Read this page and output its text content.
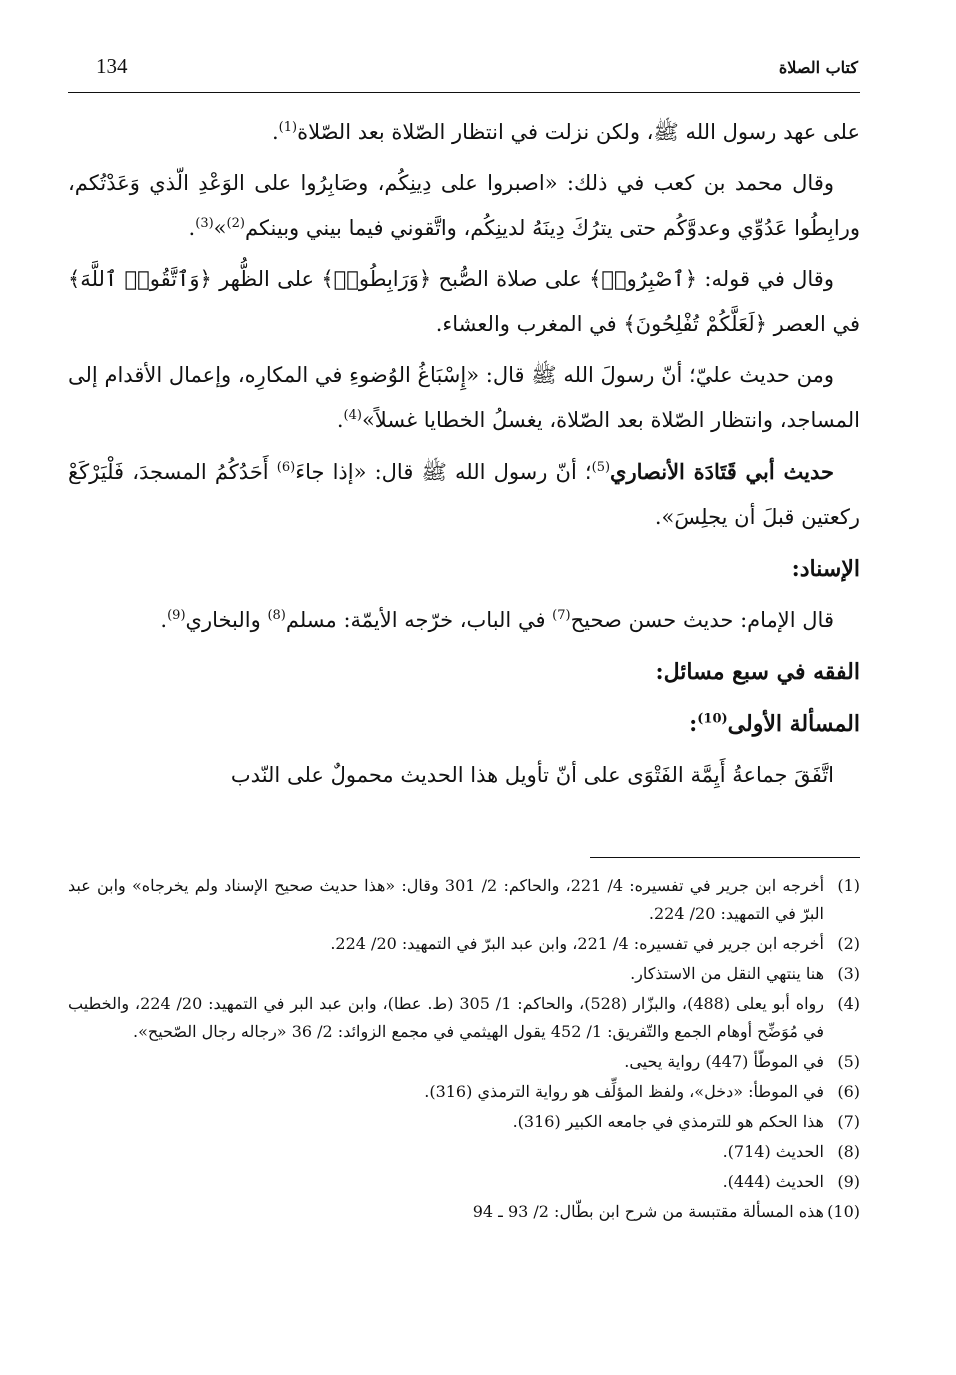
134	كتاب الصلاة

على عهد رسول الله ﷺ، ولكن نزلت في انتظار الصّلاة بعد الصّلاة$^{(1)}$.

وقال محمد بن كعب في ذلك: «اصبروا على دِينِكُم، وصَابِرُوا على الوَعْدِ الّذي وَعَدْتُكم، ورابِطُوا عَدُوِّي وعدوَّكُم حتى يترُكَ دِينَهُ لدينِكُم، واتَّقوني فيما بيني وبينكم$^{(2)}$»$^{(3)}$.

وقال في قوله: ﴿ٱصْبِرُوا۟﴾ على صلاة الصُّبح ﴿وَرَابِطُوا۟﴾ على الظُّهر ﴿وَٱتَّقُوا۟ ٱللَّهَ﴾ في العصر ﴿لَعَلَّكُمْ تُفْلِحُونَ﴾ في المغرب والعشاء.

ومن حديث عليّ؛ أنّ رسولَ الله ﷺ قال: «إِسْبَاغُ الوُضوءِ في المكارِه، وإعمال الأقدام إلى المساجد، وانتظار الصّلاة بعد الصّلاة، يغسلُ الخطايا غسلاً»$^{(4)}$.

حديث أبي قَتَادَة الأنصاري$^{(5)}$؛ أنّ رسول الله ﷺ قال: «إذا جاءَ$^{(6)}$ أَحَدُكُمُ المسجدَ، فَلْيَرْكَعْ ركعتين قبلَ أن يجلِسَ».

الإسناد:

قال الإمام: حديث حسن صحيح$^{(7)}$ في الباب، خرّجه الأيمّة: مسلم$^{(8)}$ والبخاري$^{(9)}$.

الفقه في سبع مسائل:

المسألة الأولى$^{(10)}$:

اتَّفَقَ جماعةُ أَيِمَّة الفَتْوَى على أنّ تأويل هذا الحديث محمولٌ على النّدب

(1)
أخرجه ابن جرير في تفسيره: 4/ 221، والحاكم: 2/ 301 وقال: «هذا حديث صحيح الإسناد ولم يخرجاه» وابن عبد البرّ في التمهيد: 20/ 224.
(2)
أخرجه ابن جرير في تفسيره: 4/ 221، وابن عبد البرّ في التمهيد: 20/ 224.
(3)
هنا ينتهي النقل من الاستذكار.
(4)
رواه أبو يعلى (488)، والبزّار (528)، والحاكم: 1/ 305 (ط. عطا)، وابن عبد البر في التمهيد: 20/ 224، والخطيب في مُوَضِّح أوهام الجمع والتّفريق: 1/ 452 يقول الهيثمي في مجمع الزوائد: 2/ 36 «رجاله رجال الصّحيح».
(5)
في الموطّأ (447) رواية يحيى.
(6)
في الموطأ: «دخل»، ولفظ المؤلِّف هو رواية الترمذي (316).
(7)
هذا الحكم هو للترمذي في جامعه الكبير (316).
(8)
الحديث (714).
(9)
الحديث (444).
(10)
هذه المسألة مقتبسة من شرح ابن بطّال: 2/ 93 ـ 94
